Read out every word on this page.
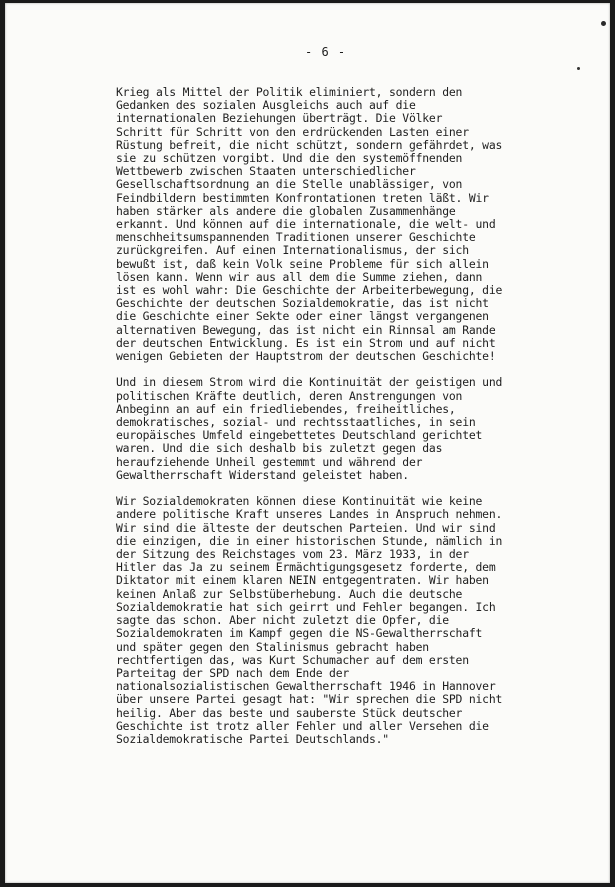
- 6 -
Krieg als Mittel der Politik eliminiert, sondern den
Gedanken des sozialen Ausgleichs auch auf die
internationalen Beziehungen überträgt. Die Völker
Schritt für Schritt von den erdrückenden Lasten einer
Rüstung befreit, die nicht schützt, sondern gefährdet, was
sie zu schützen vorgibt. Und die den systemöffnenden
Wettbewerb zwischen Staaten unterschiedlicher
Gesellschaftsordnung an die Stelle unablässiger, von
Feindbildern bestimmten Konfrontationen treten läßt. Wir
haben stärker als andere die globalen Zusammenhänge
erkannt. Und können auf die internationale, die welt- und
menschheitsumspannenden Traditionen unserer Geschichte
zurückgreifen. Auf einen Internationalismus, der sich
bewußt ist, daß kein Volk seine Probleme für sich allein
lösen kann. Wenn wir aus all dem die Summe ziehen, dann
ist es wohl wahr: Die Geschichte der Arbeiterbewegung, die
Geschichte der deutschen Sozialdemokratie, das ist nicht
die Geschichte einer Sekte oder einer längst vergangenen
alternativen Bewegung, das ist nicht ein Rinnsal am Rande
der deutschen Entwicklung. Es ist ein Strom und auf nicht
wenigen Gebieten der Hauptstrom der deutschen Geschichte!
Und in diesem Strom wird die Kontinuität der geistigen und
politischen Kräfte deutlich, deren Anstrengungen von
Anbeginn an auf ein friedliebendes, freiheitliches,
demokratisches, sozial- und rechtsstaatliches, in sein
europäisches Umfeld eingebettetes Deutschland gerichtet
waren. Und die sich deshalb bis zuletzt gegen das
heraufziehende Unheil gestemmt und während der
Gewaltherrschaft Widerstand geleistet haben.
Wir Sozialdemokraten können diese Kontinuität wie keine
andere politische Kraft unseres Landes in Anspruch nehmen.
Wir sind die älteste der deutschen Parteien. Und wir sind
die einzigen, die in einer historischen Stunde, nämlich in
der Sitzung des Reichstages vom 23. März 1933, in der
Hitler das Ja zu seinem Ermächtigungsgesetz forderte, dem
Diktator mit einem klaren NEIN entgegentraten. Wir haben
keinen Anlaß zur Selbstüberhebung. Auch die deutsche
Sozialdemokratie hat sich geirrt und Fehler begangen. Ich
sagte das schon. Aber nicht zuletzt die Opfer, die
Sozialdemokraten im Kampf gegen die NS-Gewaltherrschaft
und später gegen den Stalinismus gebracht haben
rechtfertigen das, was Kurt Schumacher auf dem ersten
Parteitag der SPD nach dem Ende der
nationalsozialistischen Gewaltherrschaft 1946 in Hannover
über unsere Partei gesagt hat: "Wir sprechen die SPD nicht
heilig. Aber das beste und sauberste Stück deutscher
Geschichte ist trotz aller Fehler und aller Versehen die
Sozialdemokratische Partei Deutschlands."
